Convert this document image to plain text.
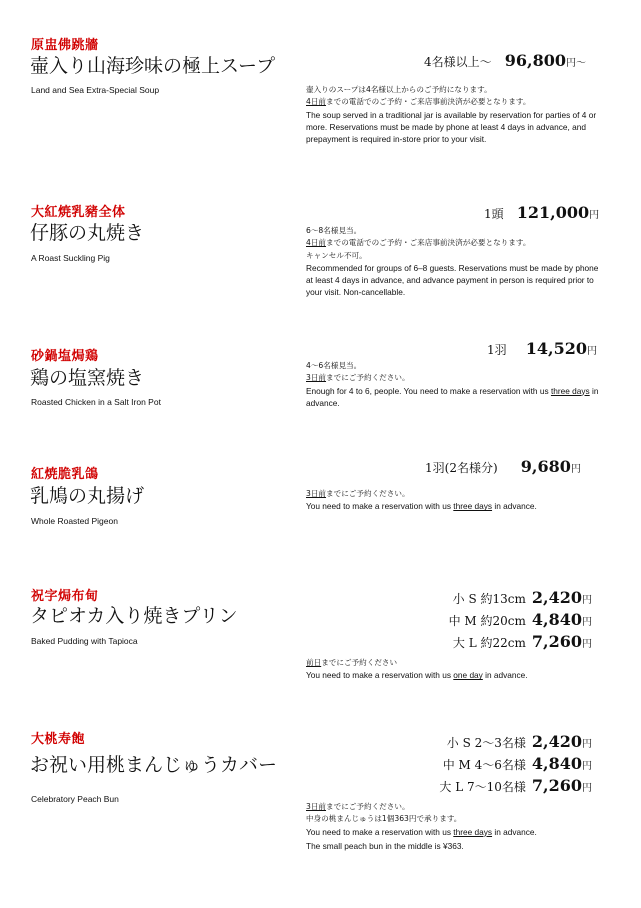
原盅佛跳牆
壷入り山海珍味の極上スープ
Land and Sea Extra-Special Soup
4名様以上～ 96,800円～
壷入りのスープは4名様以上からのご予約になります。
4日前までの電話でのご予約・ご来店事前決済が必要となります。
The soup served in a traditional jar is available by reservation for parties of 4 or more. Reservations must be made by phone at least 4 days in advance, and prepayment is required in-store prior to your visit.
大紅焼乳豬全体
仔豚の丸焼き
A Roast Suckling Pig
1頭 121,000円
6～8名様見当。
4日前までの電話でのご予約・ご来店事前決済が必要となります。
キャンセル不可。
Recommended for groups of 6–8 guests. Reservations must be made by phone at least 4 days in advance, and advance payment in person is required prior to your visit. Non-cancellable.
砂鍋塩焗鶏
鶏の塩窯焼き
Roasted Chicken in a Salt Iron Pot
1羽 14,520円
4～6名様見当。
3日前までにご予約ください。
Enough for 4 to 6, people. You need to make a reservation with us three days in advance.
紅焼脆乳鴿
乳鳩の丸揚げ
Whole Roasted Pigeon
1羽(2名様分) 9,680円
3日前までにご予約ください。
You need to make a reservation with us three days in advance.
祝字焗布甸
タピオカ入り焼きプリン
Baked Pudding with Tapioca
小 S 約13cm 2,420 円
中 M 約20cm 4,840 円
大 L 約22cm 7,260 円
前日までにご予約ください
You need to make a reservation with us one day in advance.
大桃寿飽
お祝い用桃まんじゅうカバー
Celebratory Peach Bun
小 S 2～3名様 2,420 円
中 M 4～6名様 4,840 円
大 L 7～10名様 7,260 円
3日前までにご予約ください。
中身の桃まんじゅうは1個363円で承ります。
You need to make a reservation with us three days in advance.
The small peach bun in the middle is ¥363.
